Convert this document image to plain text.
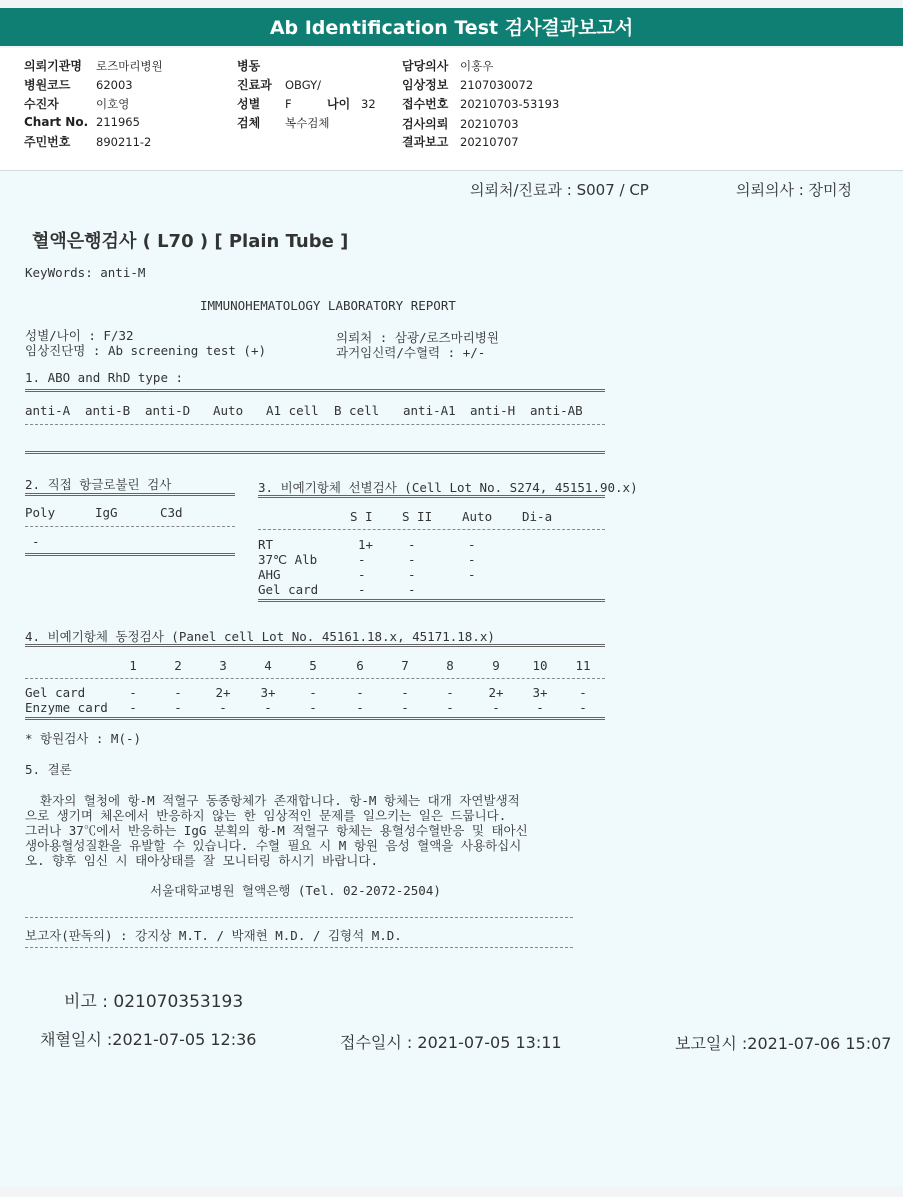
Ab Identification Test 검사결과보고서
의뢰기관명 로즈마리병원
병원코드 62003
수진자	이호영
Chart No. 211965
주민번호 890211-2
병동
진료과 OBGY/
성별 F	나이 32
검체 복수검체
담당의사 이홍우
임상정보 2107030072
접수번호 20210703-53193
검사의뢰 20210703
결과보고 20210707
의뢰처/진료과 : S007 / CP	의뢰의사 : 장미정
혈액은행검사 ( L70 ) [ Plain Tube ]
KeyWords: anti-M
IMMUNOHEMATOLOGY LABORATORY REPORT
성별/나이 : F/32
임상진단명 : Ab screening test (+)
의뢰처 : 삼광/로즈마리병원
과거임신력/수혈력 : +/-
1. ABO and RhD type :
anti-A anti-B anti-D Auto A1 cell B cell anti-A1 anti-H anti-AB
2. 직접 항글로불린 검사
Poly	IgG	C3d
-
3. 비예기항체 선별검사 (Cell Lot No. S274, 45151.90.x)
S I S II Auto Di-a
RT	1+	-	-
37℃ Alb	-	-	-
AHG	-	-	-
Gel card	-	-
4. 비예기항체 동정검사 (Panel cell Lot No. 45161.18.x, 45171.18.x)
1	2	3	4	5	6	7	8	9	10	11
Gel card	-	-	2+	3+	-	-	-	-	2+	3+	-
Enzyme card	-	-	-	-	-	-	-	-	-	-	-
* 항원검사 : M(-)
5. 결론
환자의 혈청에 항-M 적혈구 동종항체가 존재합니다. 항-M 항체는 대개 자연발생적
으로 생기며 체온에서 반응하지 않는 한 임상적인 문제를 일으키는 일은 드뭅니다.
그러나 37℃에서 반응하는 IgG 분획의 항-M 적혈구 항체는 용혈성수혈반응 및 태아신
생아용혈성질환을 유발할 수 있습니다. 수혈 필요 시 M 항원 음성 혈액을 사용하십시
오. 향후 임신 시 태아상태를 잘 모니터링 하시기 바랍니다.
서울대학교병원 혈액은행 (Tel. 02-2072-2504)
보고자(판독의) : 강지상 M.T. / 박재현 M.D. / 김형석 M.D.
비고 : 021070353193
채혈일시 :2021-07-05 12:36	접수일시 : 2021-07-05 13:11	보고일시 :2021-07-06 15:07
